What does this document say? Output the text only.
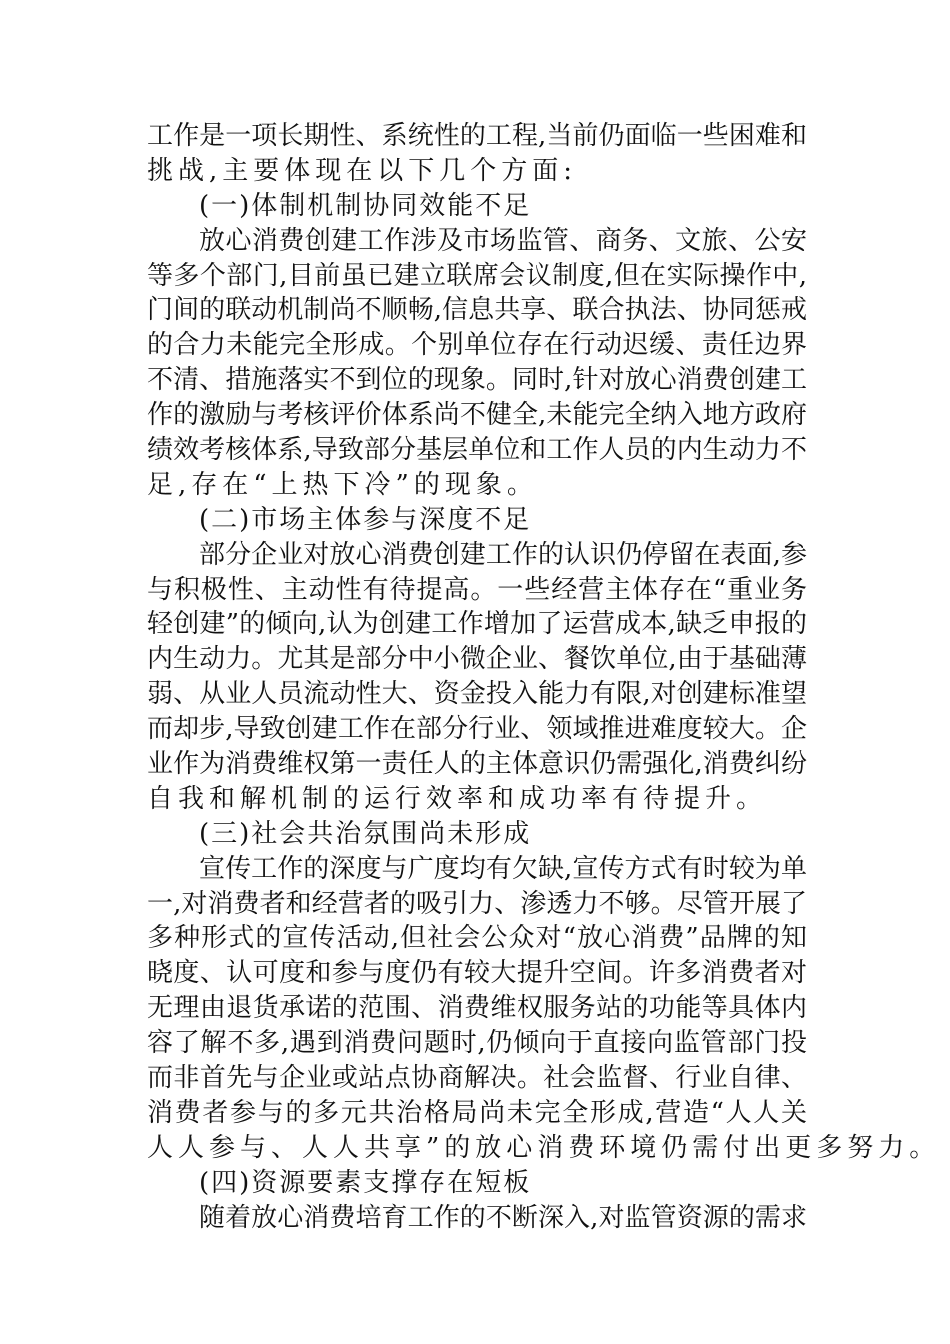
工作是一项长期性、系统性的工程,当前仍面临一些困难和
挑战,主要体现在以下几个方面:
(一)体制机制协同效能不足
放心消费创建工作涉及市场监管、商务、文旅、公安
等多个部门,目前虽已建立联席会议制度,但在实际操作中,
门间的联动机制尚不顺畅,信息共享、联合执法、协同惩戒
的合力未能完全形成。个别单位存在行动迟缓、责任边界
不清、措施落实不到位的现象。同时,针对放心消费创建工
作的激励与考核评价体系尚不健全,未能完全纳入地方政府
绩效考核体系,导致部分基层单位和工作人员的内生动力不
足,存在“上热下冷”的现象。
(二)市场主体参与深度不足
部分企业对放心消费创建工作的认识仍停留在表面,参
与积极性、主动性有待提高。一些经营主体存在“重业务
轻创建”的倾向,认为创建工作增加了运营成本,缺乏申报的
内生动力。尤其是部分中小微企业、餐饮单位,由于基础薄
弱、从业人员流动性大、资金投入能力有限,对创建标准望
而却步,导致创建工作在部分行业、领域推进难度较大。企
业作为消费维权第一责任人的主体意识仍需强化,消费纠纷
自我和解机制的运行效率和成功率有待提升。
(三)社会共治氛围尚未形成
宣传工作的深度与广度均有欠缺,宣传方式有时较为单
一,对消费者和经营者的吸引力、渗透力不够。尽管开展了
多种形式的宣传活动,但社会公众对“放心消费”品牌的知
晓度、认可度和参与度仍有较大提升空间。许多消费者对
无理由退货承诺的范围、消费维权服务站的功能等具体内
容了解不多,遇到消费问题时,仍倾向于直接向监管部门投
而非首先与企业或站点协商解决。社会监督、行业自律、
消费者参与的多元共治格局尚未完全形成,营造“人人关
人人参与、人人共享”的放心消费环境仍需付出更多努力。
(四)资源要素支撑存在短板
随着放心消费培育工作的不断深入,对监管资源的需求
